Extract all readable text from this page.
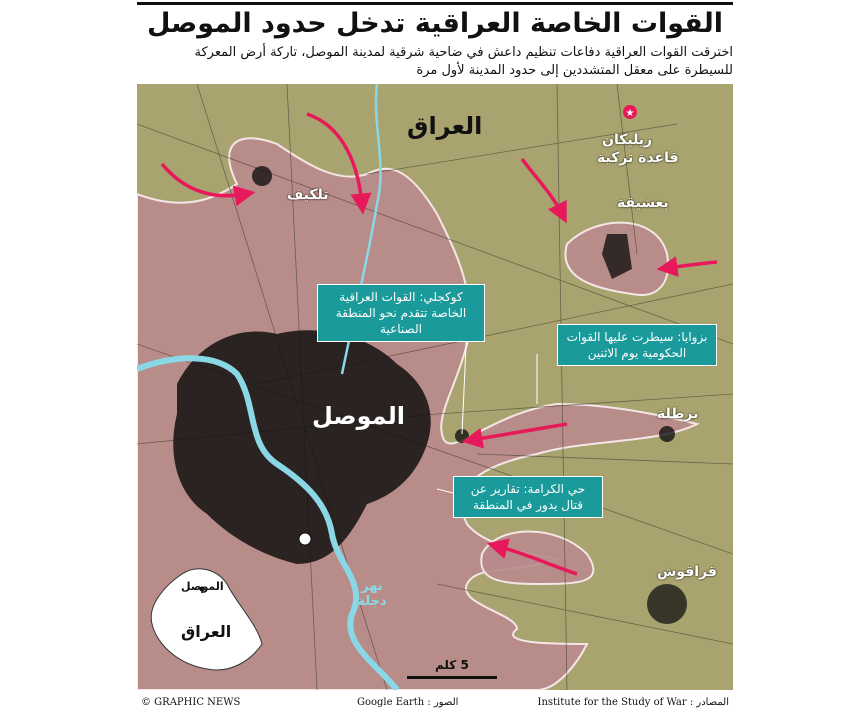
القوات الخاصة العراقية تدخل حدود الموصل
اخترقت القوات العراقية دفاعات تنظيم داعش في ضاحية شرقية لمدينة الموصل، تاركة أرض المعركة
للسيطرة على معقل المتشددين إلى حدود المدينة لأول مرة
★
العراق	زيليكان
قاعدة تركية
تلكيف	بعشيقة
الموصل	برطلة
قراقوش
نهر دجلة
5 كلم
كوكجلي: القوات العراقية الخاصة تتقدم نحو المنطقة الصناعية
بزوايا: سيطرت عليها القوات الحكومية يوم الاثنين
حي الكرامة: تقارير عن قتال يدور في المنطقة
الموصل
العراق
© GRAPHIC NEWS	الصور : Google Earth	المصادر : Institute for the Study of War
